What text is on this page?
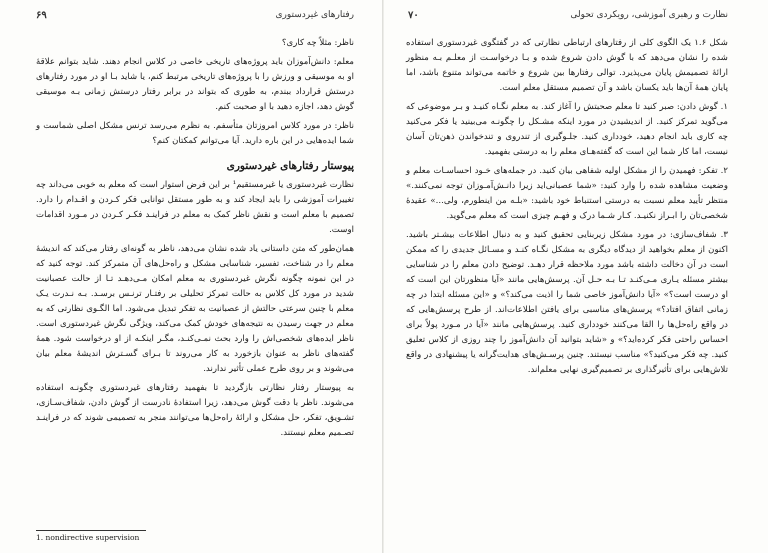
رفتارهای غیردستوری
۶۹

ناظر: مثلاً چه کاری؟

معلم: دانش‌آموزان باید پروژه‌های تاریخی خاصی در کلاس انجام دهند. شاید بتوانم علاقهٔ او به موسیقی و ورزش را با پروژه‌های تاریخی مرتبط کنم، یا شاید بـا او در مورد رفتارهای درستش قرارداد ببندم، به طوری که بتواند در برابر رفتار درستش زمانی بـه موسیقی گوش دهد، اجازه دهید با او صحبت کنم.

ناظر: در مورد کلاس امروزتان متأسفم. به نظرم می‌رسد ترنس مشکل اصلی شماست و شما ایده‌هایی در این باره دارید. آیا می‌توانم کمکتان کنم؟

پیوستار رفتارهای غیردستوری

نظارت غیردستوری یا غیرمستقیم¹ بر این فرض استوار است که معلم به خوبی می‌داند چه تغییرات آموزشی را باید ایجاد کند و به طور مستقل توانایی فکر کـردن و اقـدام را دارد. تصمیم با معلم است و نقش ناظر کمک به معلم در فراینـد فکـر کـردن در مـورد اقدامات اوست.

همان‌طور که متن داستانی یاد شده نشان می‌دهد، ناظر به گونه‌ای رفتار می‌کند که اندیشهٔ معلم را در شناخت، تفسیر، شناسایی مشکل و راه‌حل‌های آن متمرکز کند. توجه کنید که در این نمونه چگونه نگرش غیردستوری به معلم امکان مـی‌دهـد تـا از حالت عصبانیت شدید در مورد کل کلاس به حالت تمرکز تحلیلی بر رفتـار ترنـس برسـد. بـه نـدرت یـک معلم با چنین سرعتی حالتش از عصبانیت به تفکر تبدیل می‌شود. اما الگـوی نظارتی که به معلم در جهت رسیدن به نتیجه‌های خودش کمک می‌کند، ویژگی نگرش غیردستوری است. ناظر ایده‌های شخصی‌اش را وارد بحث نمـی‌کنـد، مگـر اینکـه از او درخواست شود. همهٔ گفته‌های ناظر به عنوان بازخورد به کار می‌روند تا بـرای گسـترش اندیشهٔ معلم بیان می‌شوند و بر روی طرح عملی تأثیر ندارند.

به پیوستار رفتار نظارتی بازگردید تا بفهمید رفتارهای غیردستوری چگونـه استفاده می‌شوند. ناظر با دقت گوش می‌دهد، زیرا استفادهٔ نادرست از گوش دادن، شفاف‌سـازی، تشـویق، تفکر، حل مشکل و ارائهٔ راه‌حل‌ها می‌توانند منجر به تصمیمی شوند که در فراینـد تصـمیم معلم نیستند.

1. nondirective supervision
نظارت و رهبری آموزشی، رویکردی تحولی
۷۰

شکل ۱.۶ یک الگوی کلی از رفتارهای ارتباطی نظارتی که در گفتگوی غیردستوری استفاده شده را نشان می‌دهد که با گوش دادن شروع شده و بـا درخواسـت از معلـم بـه منظور ارائهٔ تصمیمش پایان می‌پذیرد. توالی رفتارها بین شروع و خاتمه می‌تواند متنوع باشد، اما پایان همهٔ آن‌ها باید یکسان باشد و آن تصمیم مستقل معلم است.

۱. گوش دادن: صبر کنید تا معلم صحبتش را آغاز کند. به معلم نگـاه کنیـد و بـر موضوعی که می‌گوید تمرکز کنید. از اندیشیدن در مورد اینکه مشـکل را چگونـه می‌بینید یا فکر می‌کنید چه کاری باید انجام دهید، خودداری کنید. جلـوگیری از تندروی و تندخواندن ذهن‌تان آسان نیست، اما کار شما این است که گفته‌هـای معلم را به درستی بفهمید.

۲. تفکر: فهمیدن را از مشکل اولیه شفاهی بیان کنید. در جمله‌های خـود احساسـات معلم و وضعیت مشاهده شده را وارد کنید: «شما عصبانی‌اید زیرا دانـش‌آمـوزان توجه نمی‌کنند.» منتظر تأیید معلم نسبت به درستی استنباط خود باشید: «بلـه من اینطورم، ولی...» عقیدهٔ شخصی‌تان را ابـراز نکنیـد. کـار شـما درک و فهـم چیزی است که معلم می‌گوید.

۳. شفاف‌سازی: در مورد مشکل زیربنایی تحقیق کنید و به دنبال اطلاعات بیشـتر باشید. اکنون از معلم بخواهید از دیدگاه دیگری به مشکل نگـاه کنـد و مسـائل جدیدی را که ممکن است در آن دخالت داشته باشد مورد ملاحظه قرار دهـد. توضیح دادن معلم را در شناسایی بیشتر مسئله یـاری مـی‌کنـد تـا بـه حـل آن. پرسش‌هایی مانند «آیا منظورتان این است که او درست است؟» «آیا دانش‌آموز خاصی شما را اذیت می‌کند؟» و «این مسئله ابتدا در چه زمانی اتفاق افتاد؟» پرسش‌های مناسبی برای یافتن اطلاعات‌اند. از طرح پرسش‌هایی که در واقع راه‌حل‌ها را القا می‌کنند خودداری کنید. پرسش‌هایی مانند «آیا در مـورد پولاً برای احساس راحتی فکر کرده‌اید؟» و «شاید بتوانید آن دانش‌آموز را چند روزی از کلاس تعلیق کنید. چه فکر می‌کنید؟» مناسب نیستند. چنین پرسـش‌های هدایت‌گرانه یا پیشنهادی در واقع تلاش‌هایی برای تأثیرگذاری بر تصمیم‌گیری نهایی معلم‌اند.
